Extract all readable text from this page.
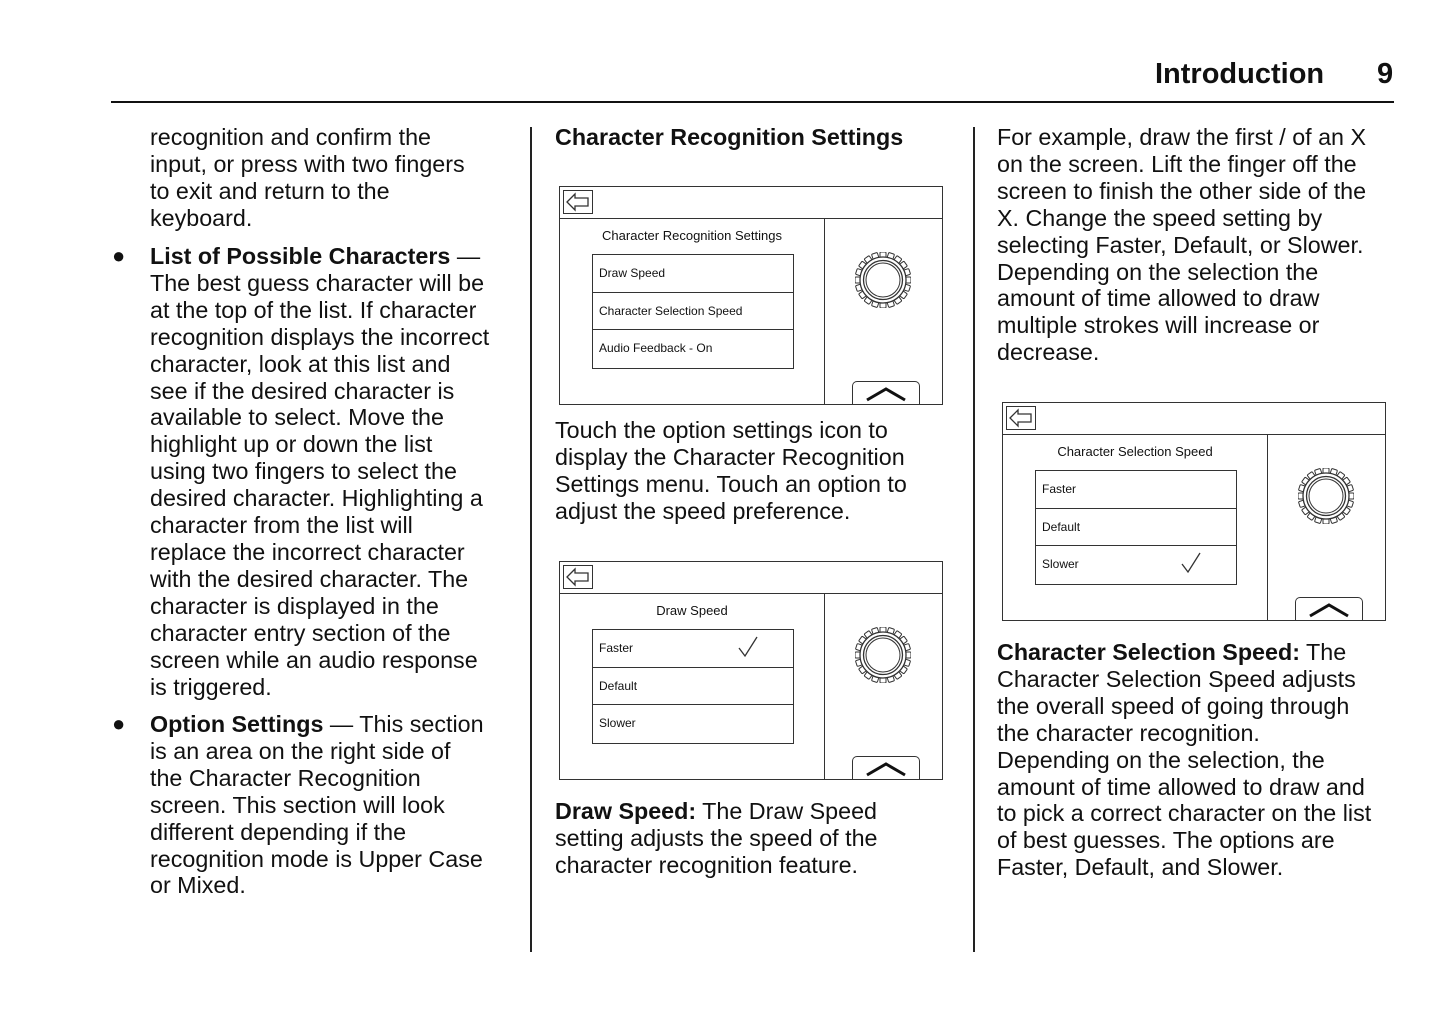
Introduction 9
recognition and confirm the
input, or press with two fingers
to exit and return to the
keyboard.
● List of Possible Characters —
The best guess character will be
at the top of the list. If character
recognition displays the incorrect
character, look at this list and
see if the desired character is
available to select. Move the
highlight up or down the list
using two fingers to select the
desired character. Highlighting a
character from the list will
replace the incorrect character
with the desired character. The
character is displayed in the
character entry section of the
screen while an audio response
is triggered.
● Option Settings — This section
is an area on the right side of
the Character Recognition
screen. This section will look
different depending if the
recognition mode is Upper Case
or Mixed.
Character Recognition Settings
Touch the option settings icon to
display the Character Recognition
Settings menu. Touch an option to
adjust the speed preference.
Draw Speed: The Draw Speed
setting adjusts the speed of the
character recognition feature.
For example, draw the first / of an X
on the screen. Lift the finger off the
screen to finish the other side of the
X. Change the speed setting by
selecting Faster, Default, or Slower.
Depending on the selection the
amount of time allowed to draw
multiple strokes will increase or
decrease.
Character Selection Speed: The
Character Selection Speed adjusts
the overall speed of going through
the character recognition.
Depending on the selection, the
amount of time allowed to draw and
to pick a correct character on the list
of best guesses. The options are
Faster, Default, and Slower.
Character Recognition Settings
Draw Speed
Character Selection Speed
Audio Feedback - On
Draw Speed
Faster
Default
Slower
Character Selection Speed
Faster
Default
Slower
